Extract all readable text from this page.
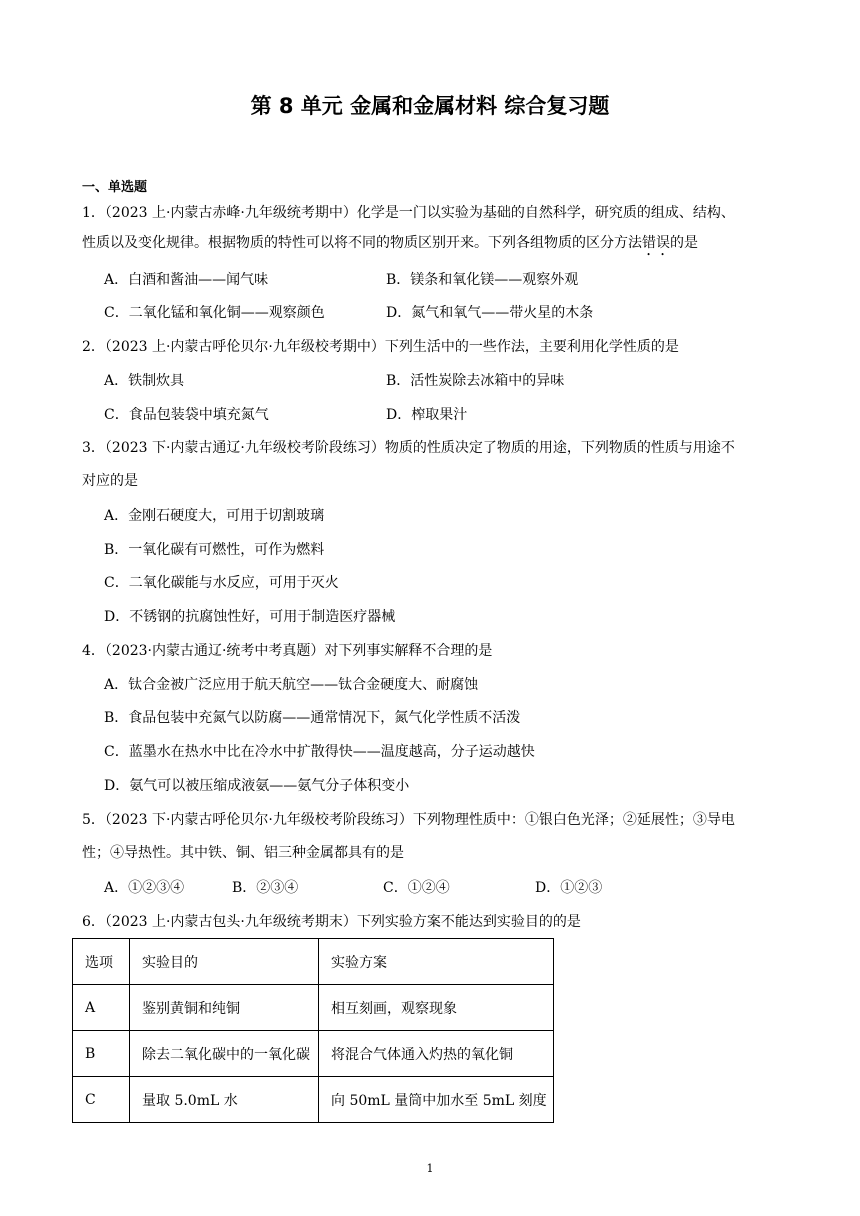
第 8 单元 金属和金属材料 综合复习题
一、单选题
1．（2023 上·内蒙古赤峰·九年级统考期中）化学是一门以实验为基础的自然科学，研究质的组成、结构、
性质以及变化规律。根据物质的特性可以将不同的物质区别开来。下列各组物质的区分方法错误的是
A．白酒和酱油——闻气味	B．镁条和氧化镁——观察外观
C．二氧化锰和氧化铜——观察颜色	D．氮气和氧气——带火星的木条
2．（2023 上·内蒙古呼伦贝尔·九年级校考期中）下列生活中的一些作法，主要利用化学性质的是
A．铁制炊具	B．活性炭除去冰箱中的异味
C．食品包装袋中填充氮气	D．榨取果汁
3．（2023 下·内蒙古通辽·九年级校考阶段练习）物质的性质决定了物质的用途，下列物质的性质与用途不
对应的是
A．金刚石硬度大，可用于切割玻璃
B．一氧化碳有可燃性，可作为燃料
C．二氧化碳能与水反应，可用于灭火
D．不锈钢的抗腐蚀性好，可用于制造医疗器械
4．（2023·内蒙古通辽·统考中考真题）对下列事实解释不合理的是
A．钛合金被广泛应用于航天航空——钛合金硬度大、耐腐蚀
B．食品包装中充氮气以防腐——通常情况下，氮气化学性质不活泼
C．蓝墨水在热水中比在冷水中扩散得快——温度越高，分子运动越快
D．氨气可以被压缩成液氨——氨气分子体积变小
5．（2023 下·内蒙古呼伦贝尔·九年级校考阶段练习）下列物理性质中：①银白色光泽；②延展性；③导电
性；④导热性。其中铁、铜、铝三种金属都具有的是
A．①②③④	B．②③④	C．①②④	D．①②③
6．（2023 上·内蒙古包头·九年级统考期末）下列实验方案不能达到实验目的的是
选项	实验目的	实验方案
A	鉴别黄铜和纯铜	相互刻画，观察现象
B	除去二氧化碳中的一氧化碳	将混合气体通入灼热的氧化铜
C	量取 5.0mL 水	向 50mL 量筒中加水至 5mL 刻度
1
